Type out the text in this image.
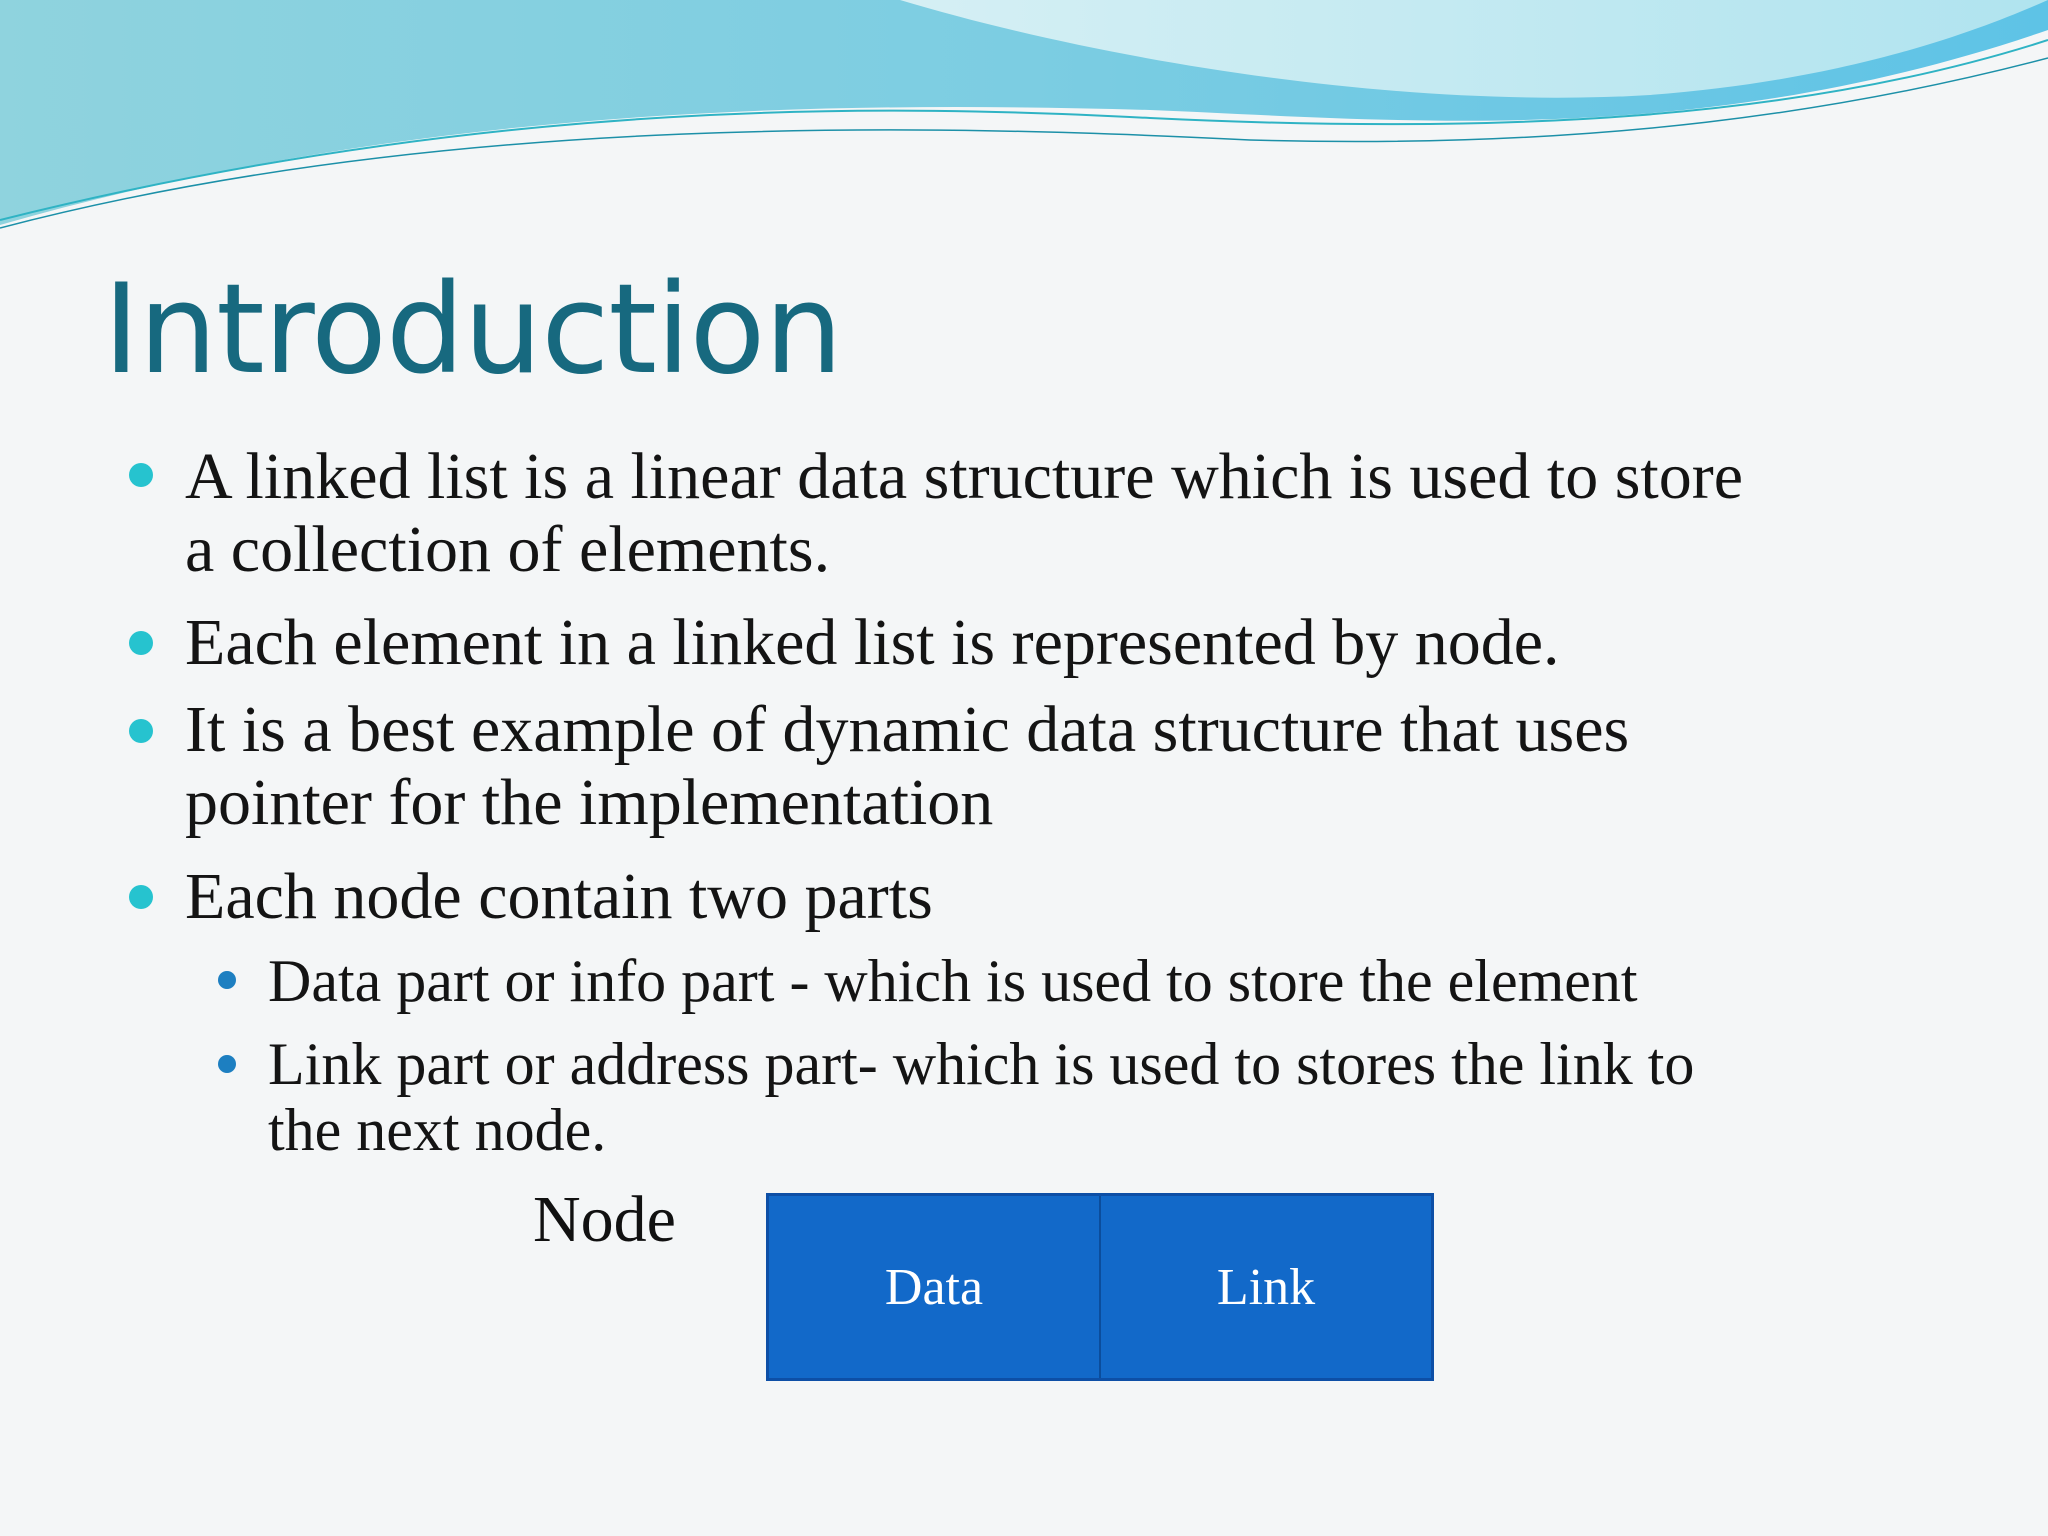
Introduction
A linked list is a linear data structure which is used to store
a collection of elements.
Each element in a linked list is represented by node.
It is a best example of dynamic data structure that uses
pointer for the implementation
Each node contain two parts
Data part or info part - which is used to store the element
Link part or address part- which is used to stores the link to
the next node.
Node
Data	Link
